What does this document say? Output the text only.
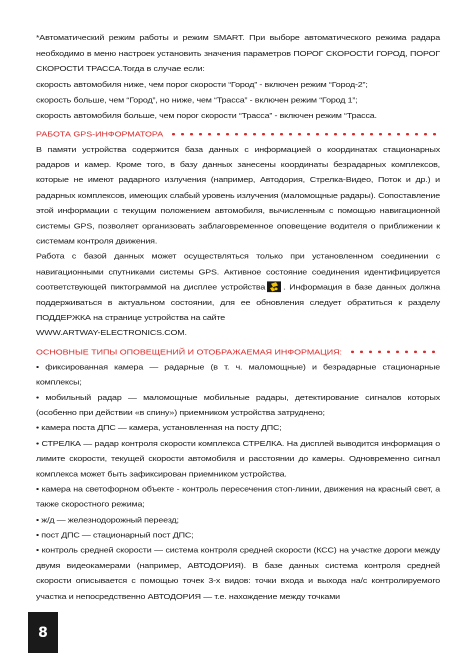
*Автоматический режим работы и режим SMART. При выборе автоматического режима радара необходимо в меню настроек установить значения параметров ПОРОГ СКОРОСТИ ГОРОД, ПОРОГ СКОРОСТИ ТРАССА.Тогда в случае если:

скорость автомобиля ниже, чем порог скорости “Город” - включен режим “Город-2”;

скорость больше, чем “Город”, но ниже, чем “Трасса” - включен режим “Город 1”;

скорость автомобиля больше, чем порог скорости “Трасса” - включен режим “Трасса.

РАБОТА GPS-ИНФОРМАТОРА

В памяти устройства содержится база данных с информацией о координатах стационарных радаров и камер. Кроме того, в базу данных занесены координаты безрадарных комплексов, которые не имеют радарного излучения (например, Автодория, Стрелка-Видео, Поток и др.) и радарных комплексов, имеющих слабый уровень излучения (маломощные радары). Сопоставление этой информации с текущим положением автомобиля, вычисленным с помощью навигационной системы GPS, позволяет организовать заблаговременное оповещение водителя о приближении к системам контроля движения.

Работа с базой данных может осуществляться только при установленном соединении с навигационными спутниками системы GPS. Активное состояние соединения идентифицируется соответствующей пиктограммой на дисплее устройства . Информация в базе данных должна поддерживаться в актуальном состоянии, для ее обновления следует обратиться к разделу ПОДДЕРЖКА на странице устройства на сайте

WWW.ARTWAY-ELECTRONICS.COM.

ОСНОВНЫЕ ТИПЫ ОПОВЕЩЕНИЙ И ОТОБРАЖАЕМАЯ ИНФОРМАЦИЯ:

• фиксированная камера — радарные (в т. ч. маломощные) и безрадарные стационарные комплексы;

• мобильный радар — маломощные мобильные радары, детектирование сигналов которых (особенно при действии «в спину») приемником устройства затруднено;

• камера поста ДПС — камера, установленная на посту ДПС;

• СТРЕЛКА — радар контроля скорости комплекса СТРЕЛКА. На дисплей выводится информация о лимите скорости, текущей скорости автомобиля и расстоянии до камеры. Одновременно сигнал комплекса может быть зафиксирован приемником устройства.

• камера на светофорном объекте - контроль пересечения стоп-линии, движения на красный свет, а также скоростного режима;

• ж/д — железнодорожный переезд;

• пост ДПС — стационарный пост ДПС;

• контроль средней скорости — система контроля средней скорости (КСС) на участке дороги между двумя видеокамерами (например, АВТОДОРИЯ). В базе данных система контроля средней скорости описывается с помощью точек 3-х видов: точки входа и выхода на/с контролируемого участка и непосредственно АВТОДОРИЯ — т.е. нахождение между точками

8
